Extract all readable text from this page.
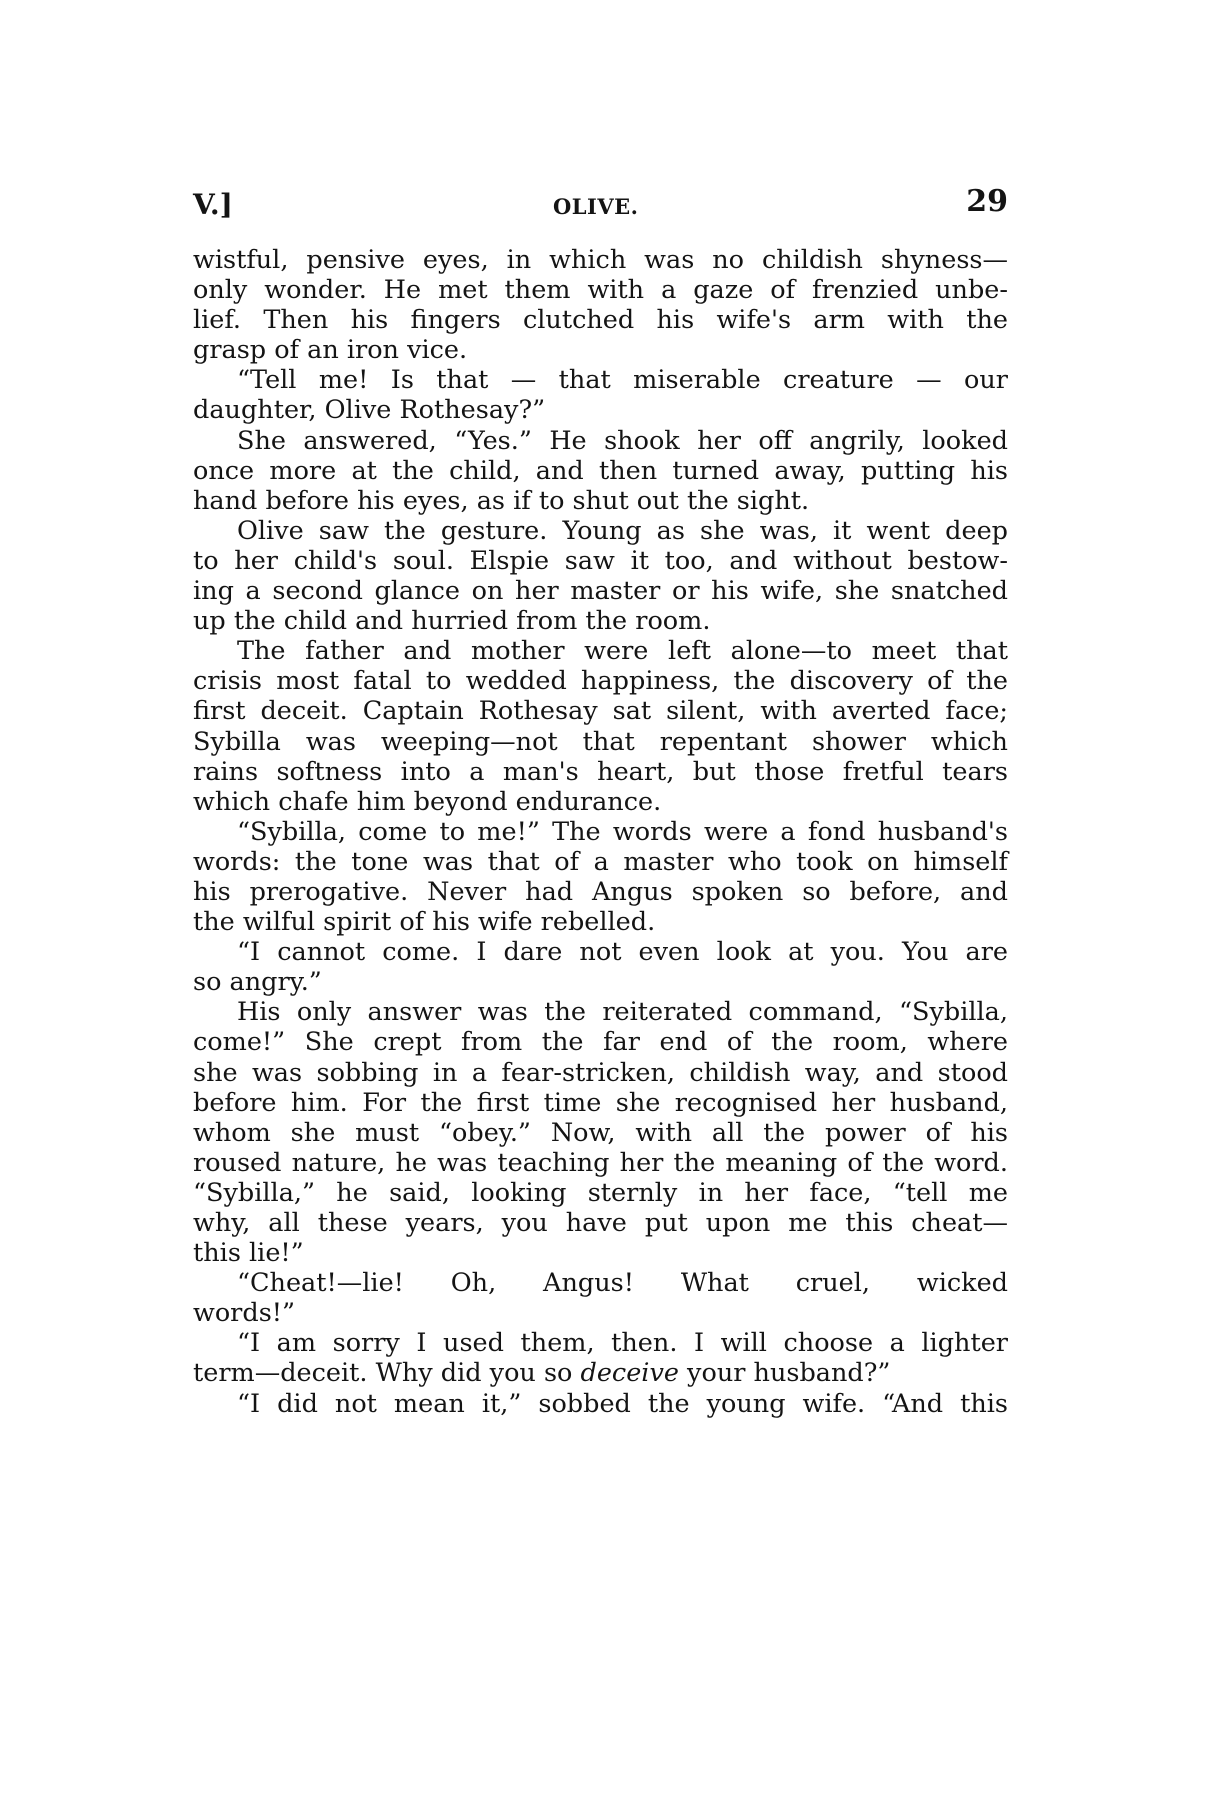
V.]	OLIVE.	29
wistful, pensive eyes, in which was no childish shyness—
only wonder. He met them with a gaze of frenzied unbe-
lief. Then his fingers clutched his wife's arm with the
grasp of an iron vice.
“Tell me! Is that — that miserable creature — our
daughter, Olive Rothesay?”
She answered, “Yes.” He shook her off angrily, looked
once more at the child, and then turned away, putting his
hand before his eyes, as if to shut out the sight.
Olive saw the gesture. Young as she was, it went deep
to her child's soul. Elspie saw it too, and without bestow-
ing a second glance on her master or his wife, she snatched
up the child and hurried from the room.
The father and mother were left alone—to meet that
crisis most fatal to wedded happiness, the discovery of the
first deceit. Captain Rothesay sat silent, with averted face;
Sybilla was weeping—not that repentant shower which
rains softness into a man's heart, but those fretful tears
which chafe him beyond endurance.
“Sybilla, come to me!” The words were a fond husband's
words: the tone was that of a master who took on himself
his prerogative. Never had Angus spoken so before, and
the wilful spirit of his wife rebelled.
“I cannot come. I dare not even look at you. You are
so angry.”
His only answer was the reiterated command, “Sybilla,
come!” She crept from the far end of the room, where
she was sobbing in a fear-stricken, childish way, and stood
before him. For the first time she recognised her husband,
whom she must “obey.” Now, with all the power of his
roused nature, he was teaching her the meaning of the word.
“Sybilla,” he said, looking sternly in her face, “tell me
why, all these years, you have put upon me this cheat—
this lie!”
“Cheat!—lie! Oh, Angus! What cruel, wicked
words!”
“I am sorry I used them, then. I will choose a lighter
term—deceit. Why did you so deceive your husband?”
“I did not mean it,” sobbed the young wife. “And this
